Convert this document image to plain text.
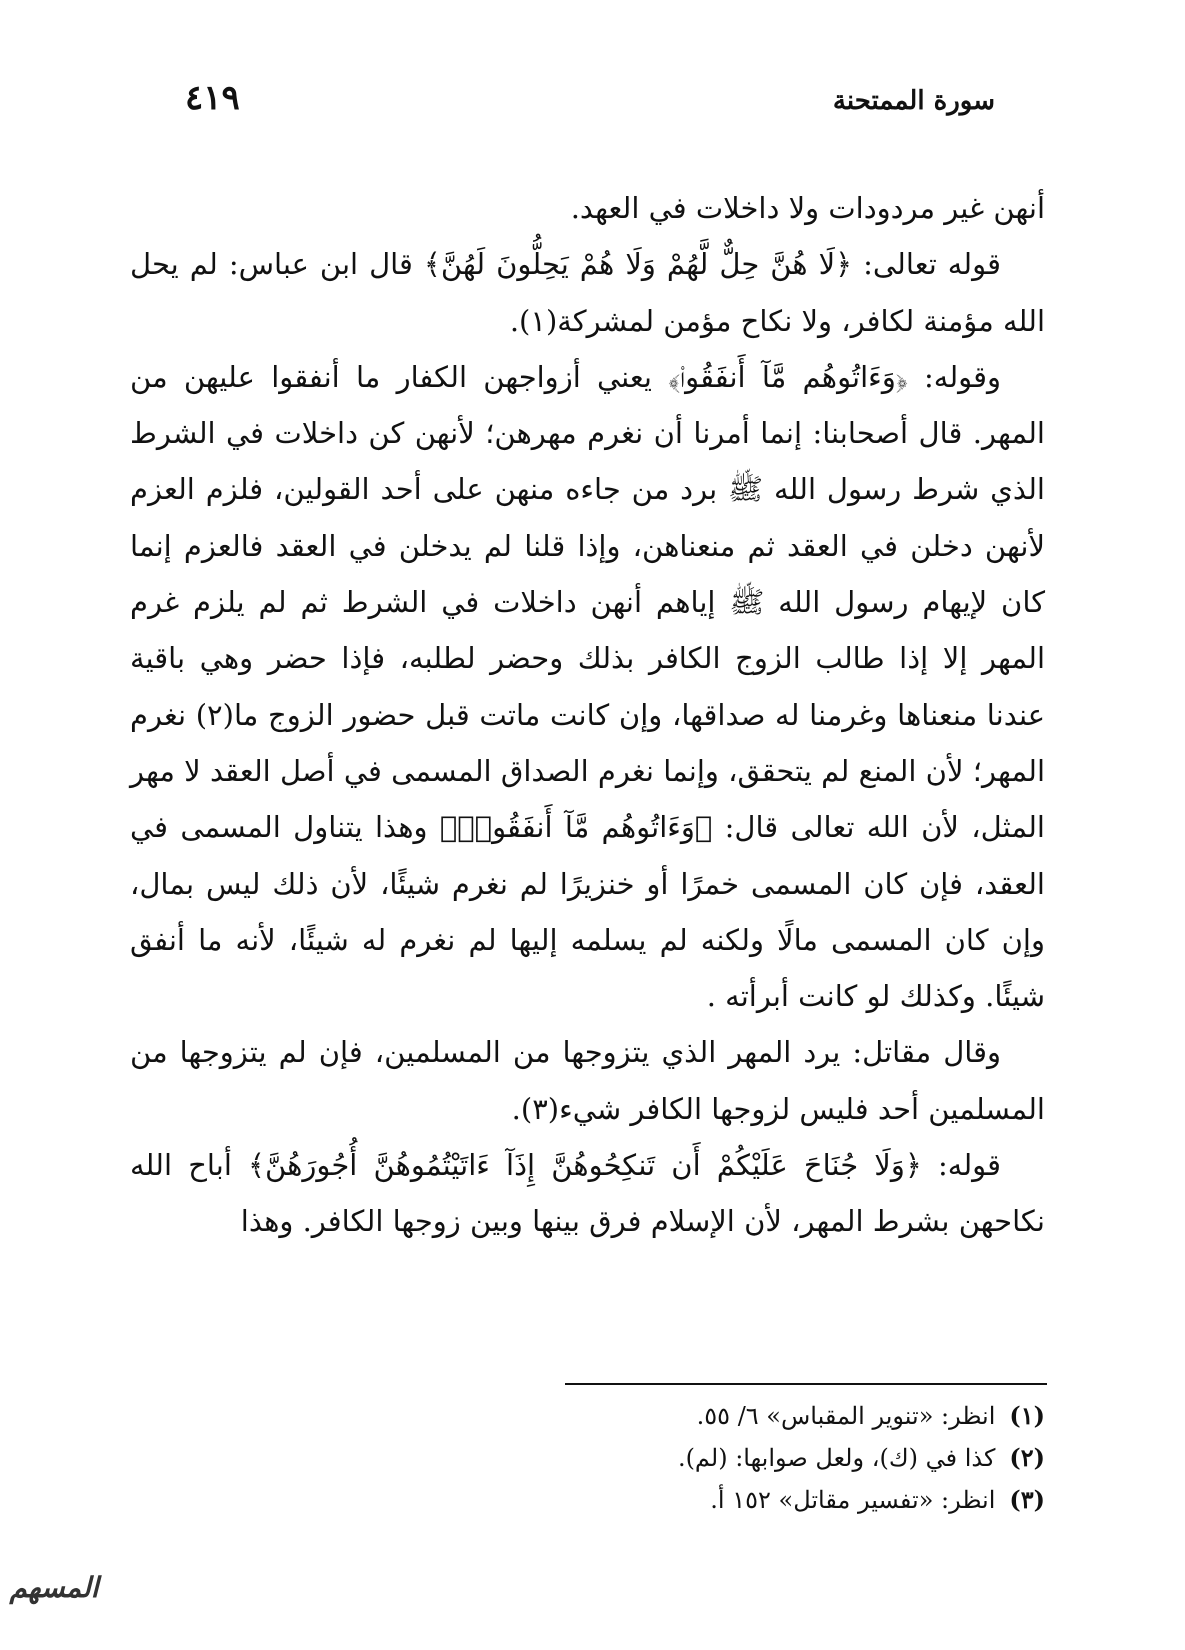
سورة الممتحنة
٤١٩

أنهن غير مردودات ولا داخلات في العهد.

قوله تعالى: ﴿لَا هُنَّ حِلٌّ لَّهُمْ وَلَا هُمْ يَحِلُّونَ لَهُنَّ﴾ قال ابن عباس: لم يحل الله مؤمنة لكافر، ولا نكاح مؤمن لمشركة(١).

وقوله: ﴿وَءَاتُوهُم مَّآ أَنفَقُوا۟﴾ يعني أزواجهن الكفار ما أنفقوا عليهن من المهر. قال أصحابنا: إنما أمرنا أن نغرم مهرهن؛ لأنهن كن داخلات في الشرط الذي شرط رسول الله ﷺ برد من جاءه منهن على أحد القولين، فلزم العزم لأنهن دخلن في العقد ثم منعناهن، وإذا قلنا لم يدخلن في العقد فالعزم إنما كان لإيهام رسول الله ﷺ إياهم أنهن داخلات في الشرط ثم لم يلزم غرم المهر إلا إذا طالب الزوج الكافر بذلك وحضر لطلبه، فإذا حضر وهي باقية عندنا منعناها وغرمنا له صداقها، وإن كانت ماتت قبل حضور الزوج ما(٢) نغرم المهر؛ لأن المنع لم يتحقق، وإنما نغرم الصداق المسمى في أصل العقد لا مهر المثل، لأن الله تعالى قال: ﴿وَءَاتُوهُم مَّآ أَنفَقُوا۟﴾ وهذا يتناول المسمى في العقد، فإن كان المسمى خمرًا أو خنزيرًا لم نغرم شيئًا، لأن ذلك ليس بمال، وإن كان المسمى مالًا ولكنه لم يسلمه إليها لم نغرم له شيئًا، لأنه ما أنفق شيئًا. وكذلك لو كانت أبرأته .

وقال مقاتل: يرد المهر الذي يتزوجها من المسلمين، فإن لم يتزوجها من المسلمين أحد فليس لزوجها الكافر شيء(٣).

قوله: ﴿وَلَا جُنَاحَ عَلَيْكُمْ أَن تَنكِحُوهُنَّ إِذَآ ءَاتَيْتُمُوهُنَّ أُجُورَهُنَّ﴾ أباح الله نكاحهن بشرط المهر، لأن الإسلام فرق بينها وبين زوجها الكافر. وهذا

(١)انظر: «تنوير المقباس» ٦/ ٥٥.

(٢)كذا في (ك)، ولعل صوابها: (لم).

(٣)انظر: «تفسير مقاتل» ١٥٢ أ.

المسهم
